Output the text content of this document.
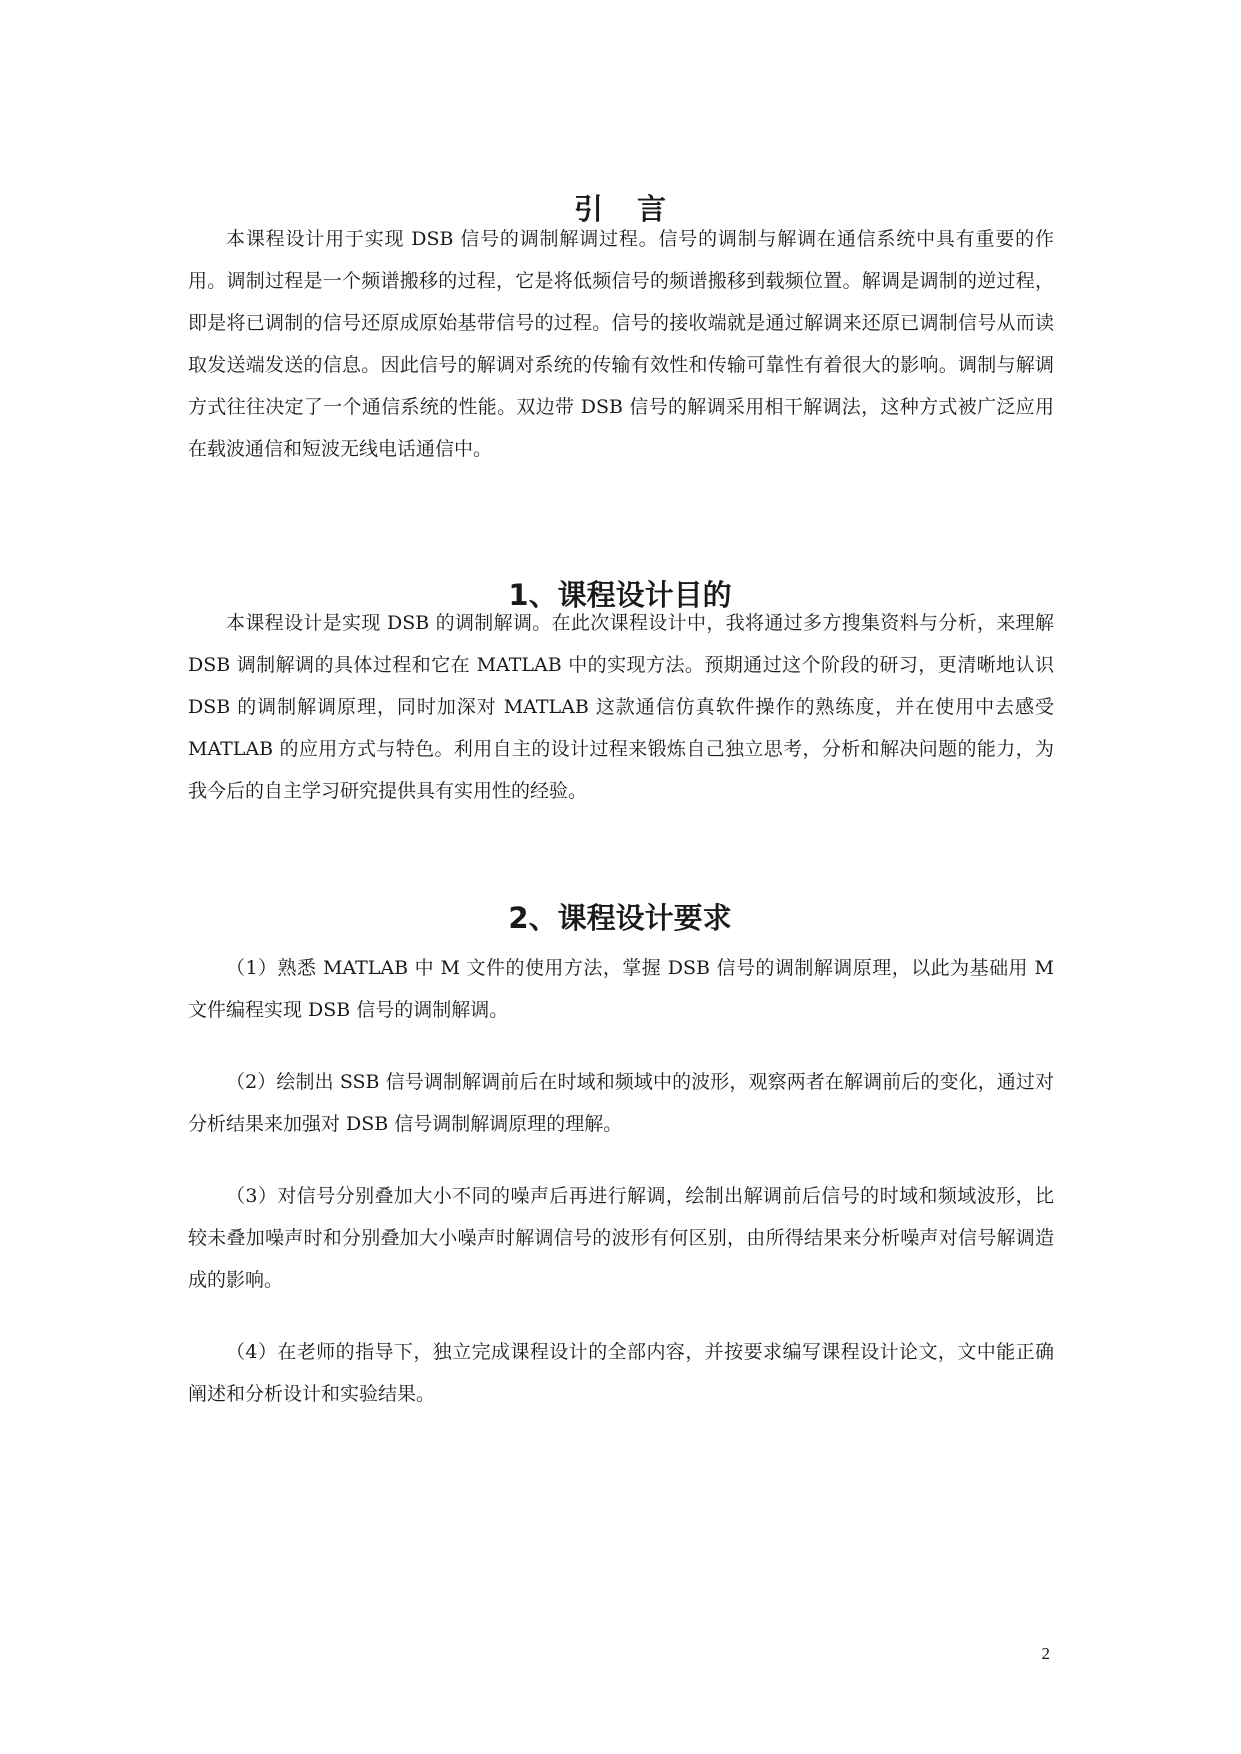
引言

本课程设计用于实现 DSB 信号的调制解调过程。信号的调制与解调在通信系统中具有重要的作用。调制过程是一个频谱搬移的过程，它是将低频信号的频谱搬移到载频位置。解调是调制的逆过程，即是将已调制的信号还原成原始基带信号的过程。信号的接收端就是通过解调来还原已调制信号从而读取发送端发送的信息。因此信号的解调对系统的传输有效性和传输可靠性有着很大的影响。调制与解调方式往往决定了一个通信系统的性能。双边带 DSB 信号的解调采用相干解调法，这种方式被广泛应用在载波通信和短波无线电话通信中。

1、课程设计目的

本课程设计是实现 DSB 的调制解调。在此次课程设计中，我将通过多方搜集资料与分析，来理解 DSB 调制解调的具体过程和它在 MATLAB 中的实现方法。预期通过这个阶段的研习，更清晰地认识 DSB 的调制解调原理，同时加深对 MATLAB 这款通信仿真软件操作的熟练度，并在使用中去感受 MATLAB 的应用方式与特色。利用自主的设计过程来锻炼自己独立思考，分析和解决问题的能力，为我今后的自主学习研究提供具有实用性的经验。

2、课程设计要求

（1）熟悉 MATLAB 中 M 文件的使用方法，掌握 DSB 信号的调制解调原理，以此为基础用 M 文件编程实现 DSB 信号的调制解调。

（2）绘制出 SSB 信号调制解调前后在时域和频域中的波形，观察两者在解调前后的变化，通过对分析结果来加强对 DSB 信号调制解调原理的理解。

（3）对信号分别叠加大小不同的噪声后再进行解调，绘制出解调前后信号的时域和频域波形，比较未叠加噪声时和分别叠加大小噪声时解调信号的波形有何区别，由所得结果来分析噪声对信号解调造成的影响。

（4）在老师的指导下，独立完成课程设计的全部内容，并按要求编写课程设计论文，文中能正确阐述和分析设计和实验结果。

2
